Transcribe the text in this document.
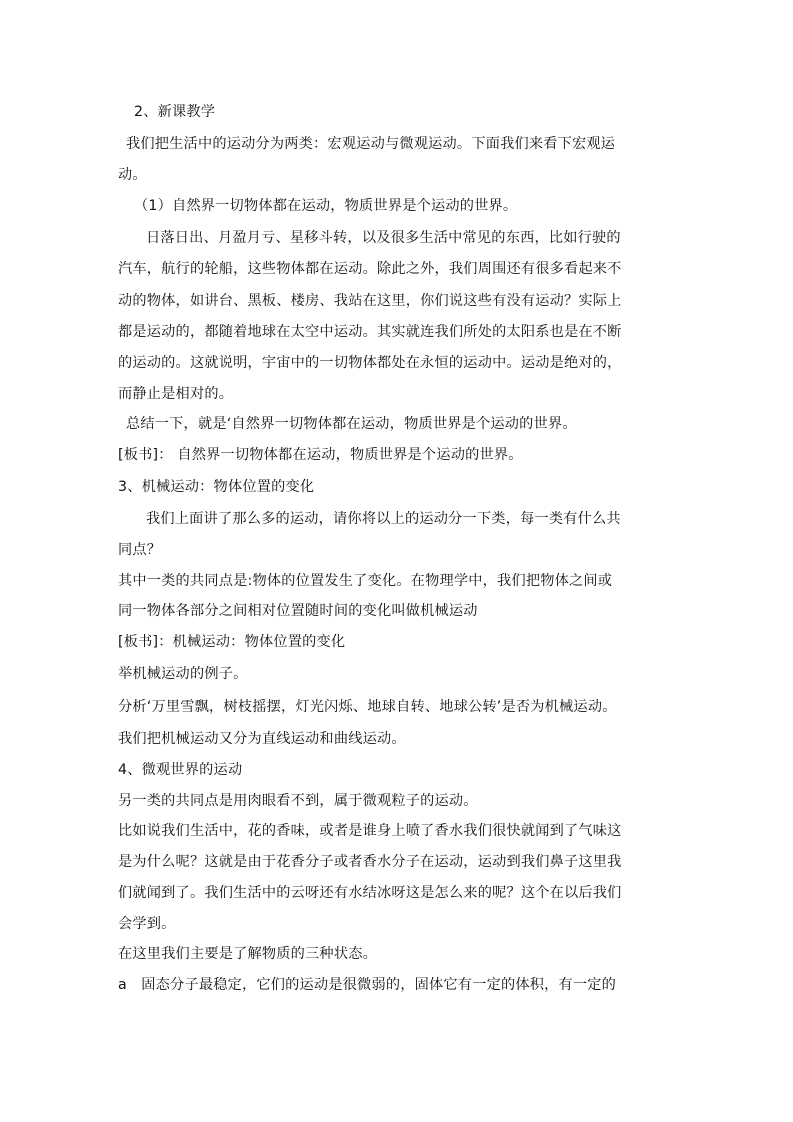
2、新课教学
我们把生活中的运动分为两类：宏观运动与微观运动。下面我们来看下宏观运
动。
（1）自然界一切物体都在运动，物质世界是个运动的世界。
日落日出、月盈月亏、星移斗转，以及很多生活中常见的东西，比如行驶的
汽车，航行的轮船，这些物体都在运动。除此之外，我们周围还有很多看起来不
动的物体，如讲台、黑板、楼房、我站在这里，你们说这些有没有运动？实际上
都是运动的，都随着地球在太空中运动。其实就连我们所处的太阳系也是在不断
的运动的。这就说明，宇宙中的一切物体都处在永恒的运动中。运动是绝对的，
而静止是相对的。
总结一下，就是‘自然界一切物体都在运动，物质世界是个运动的世界。
[板书]： 自然界一切物体都在运动，物质世界是个运动的世界。
3、机械运动：物体位置的变化
我们上面讲了那么多的运动，请你将以上的运动分一下类，每一类有什么共
同点？
其中一类的共同点是:物体的位置发生了变化。在物理学中，我们把物体之间或
同一物体各部分之间相对位置随时间的变化叫做机械运动
[板书]：机械运动：物体位置的变化
举机械运动的例子。
分析‘万里雪飘，树枝摇摆，灯光闪烁、地球自转、地球公转’是否为机械运动。
我们把机械运动又分为直线运动和曲线运动。
4、微观世界的运动
另一类的共同点是用肉眼看不到，属于微观粒子的运动。
比如说我们生活中，花的香味，或者是谁身上喷了香水我们很快就闻到了气味这
是为什么呢？这就是由于花香分子或者香水分子在运动，运动到我们鼻子这里我
们就闻到了。我们生活中的云呀还有水结冰呀这是怎么来的呢？这个在以后我们
会学到。
在这里我们主要是了解物质的三种状态。
a　固态分子最稳定，它们的运动是很微弱的，固体它有一定的体积，有一定的
